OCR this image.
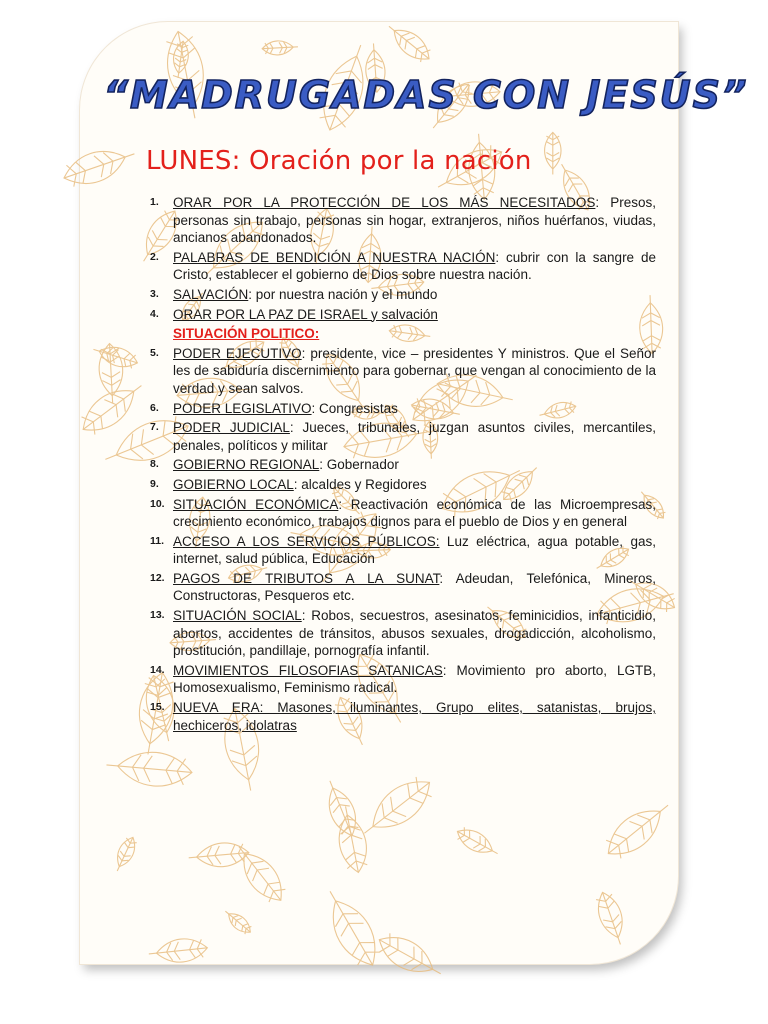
“MADRUGADAS CON JESÚS”
LUNES: Oración por la nación
1.	ORAR POR LA PROTECCIÓN DE LOS MÁS NECESITADOS: Presos, personas sin trabajo, personas sin hogar, extranjeros, niños huérfanos, viudas, ancianos abandonados.
2.	PALABRAS DE BENDICIÓN A NUESTRA NACIÓN: cubrir con la sangre de Cristo, establecer el gobierno de Dios sobre nuestra nación.
3.	SALVACIÓN: por nuestra nación y el mundo
4.	ORAR POR LA PAZ DE ISRAEL y salvación
SITUACIÓN POLITICO:
5.	PODER EJECUTIVO: presidente, vice – presidentes Y ministros. Que el Señor les de sabiduría discernimiento para gobernar, que vengan al conocimiento de la verdad y sean salvos.
6.	PODER LEGISLATIVO: Congresistas
7.	PODER JUDICIAL: Jueces, tribunales, juzgan asuntos civiles, mercantiles, penales, políticos y militar
8.	GOBIERNO REGIONAL: Gobernador
9.	GOBIERNO LOCAL: alcaldes y Regidores
10. SITUACIÓN ECONÓMICA: Reactivación económica de las Microempresas, crecimiento económico, trabajos dignos para el pueblo de Dios y en general
11. ACCESO A LOS SERVICIOS PÚBLICOS: Luz eléctrica, agua potable, gas, internet, salud pública, Educación
12. PAGOS DE TRIBUTOS A LA SUNAT: Adeudan, Telefónica, Mineros, Constructoras, Pesqueros etc.
13. SITUACIÓN SOCIAL: Robos, secuestros, asesinatos, feminicidios, infanticidio, abortos, accidentes de tránsitos, abusos sexuales, drogadicción, alcoholismo, prostitución, pandillaje, pornografía infantil.
14. MOVIMIENTOS FILOSOFIAS SATANICAS: Movimiento pro aborto, LGTB, Homosexualismo, Feminismo radical.
15. NUEVA ERA: Masones, iluminantes, Grupo elites, satanistas, brujos, hechiceros, idolatras
